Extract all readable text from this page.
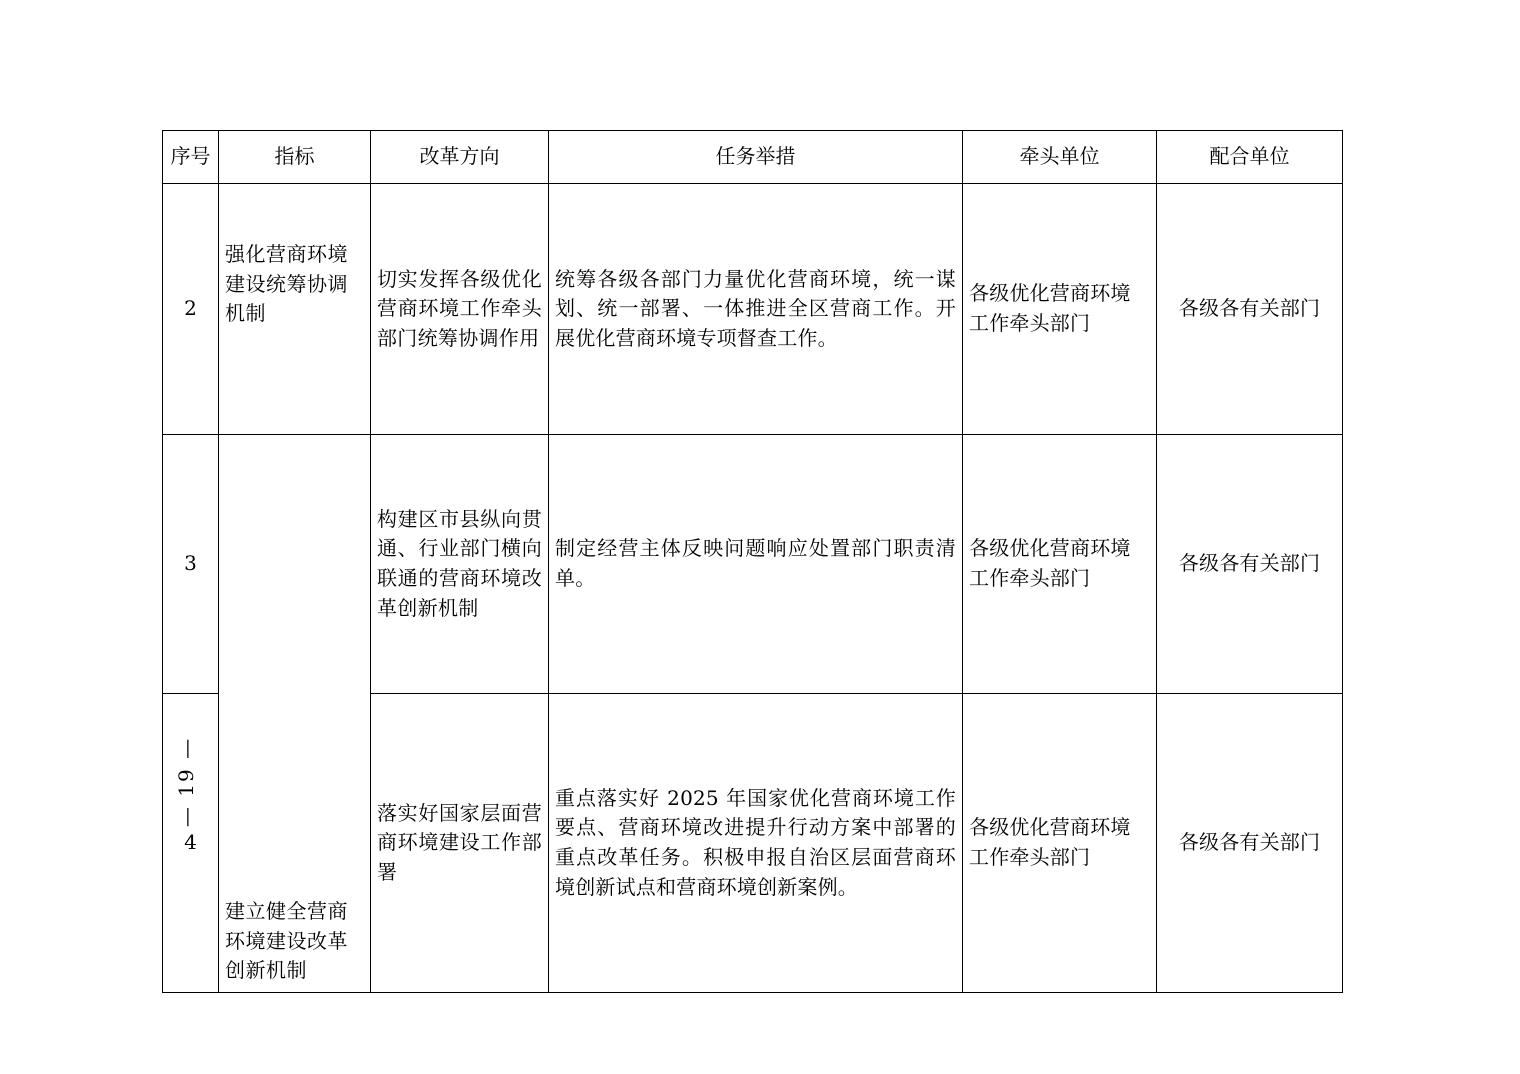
— 19 —
序号	指标	改革方向	任务举措	牵头单位	配合单位
2	强化营商环境建设统筹协调机制	切实发挥各级优化营商环境工作牵头部门统筹协调作用	统筹各级各部门力量优化营商环境，统一谋划、统一部署、一体推进全区营商工作。开展优化营商环境专项督查工作。	各级优化营商环境工作牵头部门	各级各有关部门
3	建立健全营商环境建设改革创新机制	构建区市县纵向贯通、行业部门横向联通的营商环境改革创新机制	制定经营主体反映问题响应处置部门职责清单。	各级优化营商环境工作牵头部门	各级各有关部门
4		落实好国家层面营商环境建设工作部署	重点落实好 2025 年国家优化营商环境工作要点、营商环境改进提升行动方案中部署的重点改革任务。积极申报自治区层面营商环境创新试点和营商环境创新案例。	各级优化营商环境工作牵头部门	各级各有关部门
